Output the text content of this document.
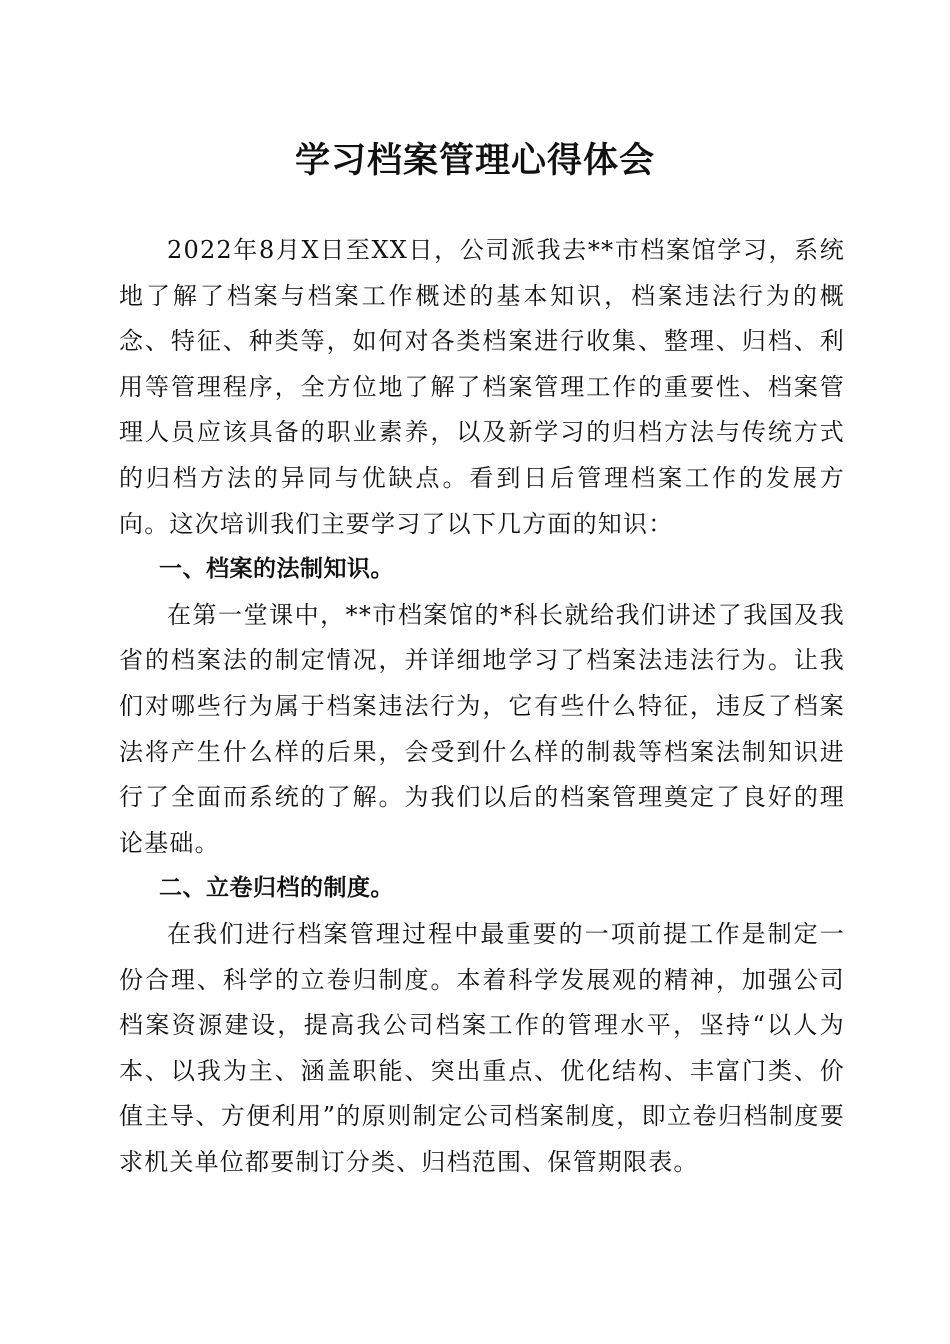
学习档案管理心得体会

2022年8月X日至XX日，公司派我去**市档案馆学习，系统地了解了档案与档案工作概述的基本知识，档案违法行为的概念、特征、种类等，如何对各类档案进行收集、整理、归档、利用等管理程序，全方位地了解了档案管理工作的重要性、档案管理人员应该具备的职业素养，以及新学习的归档方法与传统方式的归档方法的异同与优缺点。看到日后管理档案工作的发展方向。这次培训我们主要学习了以下几方面的知识：

一、档案的法制知识。

在第一堂课中，**市档案馆的*科长就给我们讲述了我国及我省的档案法的制定情况，并详细地学习了档案法违法行为。让我们对哪些行为属于档案违法行为，它有些什么特征，违反了档案法将产生什么样的后果，会受到什么样的制裁等档案法制知识进行了全面而系统的了解。为我们以后的档案管理奠定了良好的理论基础。

二、立卷归档的制度。

在我们进行档案管理过程中最重要的一项前提工作是制定一份合理、科学的立卷归制度。本着科学发展观的精神，加强公司档案资源建设，提高我公司档案工作的管理水平，坚持“以人为本、以我为主、涵盖职能、突出重点、优化结构、丰富门类、价值主导、方便利用”的原则制定公司档案制度，即立卷归档制度要求机关单位都要制订分类、归档范围、保管期限表。
